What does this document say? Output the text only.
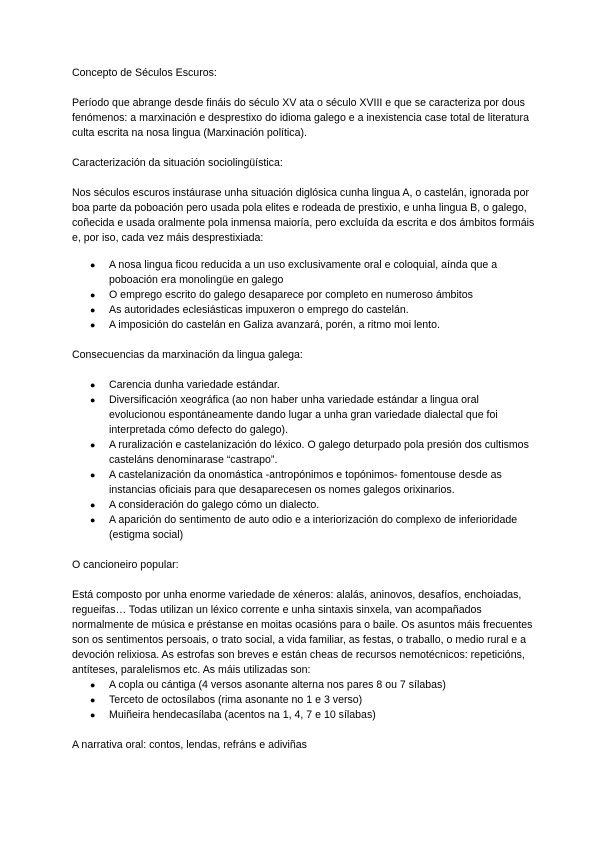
Concepto de Séculos Escuros:

Período que abrange desde fináis do século XV ata o século XVIII e que se caracteriza por dous fenómenos: a marxinación e desprestixo do idioma galego e a inexistencia case total de literatura culta escrita na nosa lingua (Marxinación política).

Caracterización da situación sociolingüística:

Nos séculos escuros instáurase unha situación diglósica cunha lingua A, o castelán, ignorada por boa parte da poboación pero usada pola elites e rodeada de prestixio, e unha lingua B, o galego, coñecida e usada oralmente pola inmensa maioría, pero excluída da escrita e dos ámbitos formáis e, por iso, cada vez máis desprestixiada:

●	A nosa lingua ficou reducida a un uso exclusivamente oral e coloquial, aínda que a poboación era monolingüe en galego
●	O emprego escrito do galego desaparece por completo en numeroso ámbitos
●	As autoridades eclesiásticas impuxeron o emprego do castelán.
●	A imposición do castelán en Galiza avanzará, porén, a ritmo moi lento.

Consecuencias da marxinación da lingua galega:

●	Carencia dunha variedade estándar.
●	Diversificación xeográfica (ao non haber unha variedade estándar a lingua oral evolucionou espontáneamente dando lugar a unha gran variedade dialectal que foi interpretada cómo defecto do galego).
●	A ruralización e castelanización do léxico. O galego deturpado pola presión dos cultismos casteláns denominarase “castrapo”.
●	A castelanización da onomástica -antropónimos e topónimos- fomentouse desde as instancias oficiais para que desaparecesen os nomes galegos orixinarios.
●	A consideración do galego cómo un dialecto.
●	A aparición do sentimento de auto odio e a interiorización do complexo de inferioridade (estigma social)

O cancioneiro popular:

Está composto por unha enorme variedade de xéneros: alalás, aninovos, desafíos, enchoiadas, regueifas… Todas utilizan un léxico corrente e unha sintaxis sinxela, van acompañados normalmente de música e préstanse en moitas ocasións para o baile. Os asuntos máis frecuentes son os sentimentos persoais, o trato social, a vida familiar, as festas, o traballo, o medio rural e a devoción relixiosa. As estrofas son breves e están cheas de recursos nemotécnicos: repeticións, antíteses, paralelismos etc. As máis utilizadas son:

●	A copla ou cántiga (4 versos asonante alterna nos pares 8 ou 7 sílabas)
●	Terceto de octosílabos (rima asonante no 1 e 3 verso)
●	Muiñeira hendecasílaba (acentos na 1, 4, 7 e 10 sílabas)

A narrativa oral: contos, lendas, refráns e adiviñas
